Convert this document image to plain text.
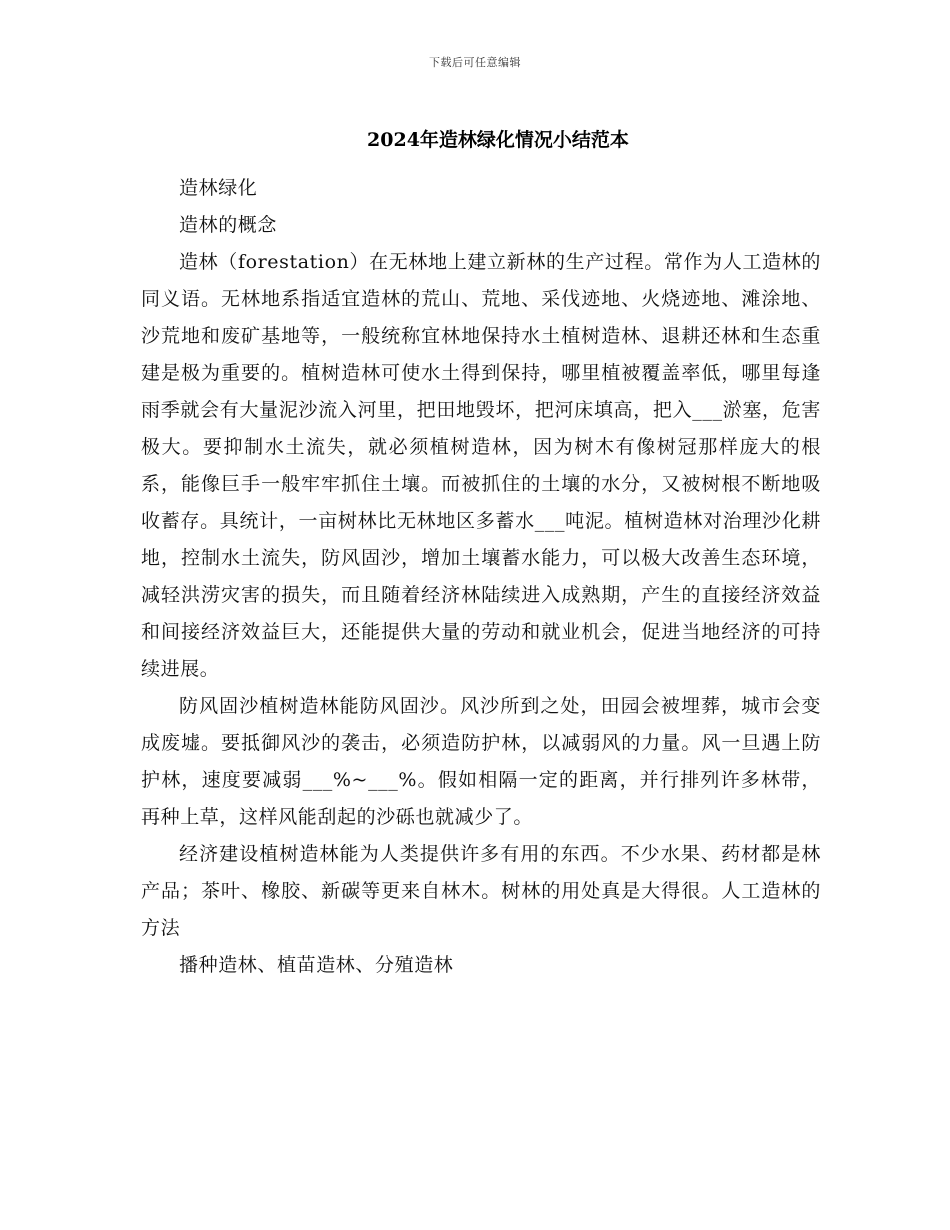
下载后可任意编辑
2024年造林绿化情况小结范本

造林绿化

造林的概念

造林（forestation）在无林地上建立新林的生产过程。常作为人工造林的同义语。无林地系指适宜造林的荒山、荒地、采伐迹地、火烧迹地、滩涂地、沙荒地和废矿基地等，一般统称宜林地保持水土植树造林、退耕还林和生态重建是极为重要的。植树造林可使水土得到保持，哪里植被覆盖率低，哪里每逢雨季就会有大量泥沙流入河里，把田地毁坏，把河床填高，把入___淤塞，危害极大。要抑制水土流失，就必须植树造林，因为树木有像树冠那样庞大的根系，能像巨手一般牢牢抓住土壤。而被抓住的土壤的水分，又被树根不断地吸收蓄存。具统计，一亩树林比无林地区多蓄水___吨泥。植树造林对治理沙化耕地，控制水土流失，防风固沙，增加土壤蓄水能力，可以极大改善生态环境，减轻洪涝灾害的损失，而且随着经济林陆续进入成熟期，产生的直接经济效益和间接经济效益巨大，还能提供大量的劳动和就业机会，促进当地经济的可持续进展。

防风固沙植树造林能防风固沙。风沙所到之处，田园会被埋葬，城市会变成废墟。要抵御风沙的袭击，必须造防护林，以减弱风的力量。风一旦遇上防护林，速度要减弱___%~___%。假如相隔一定的距离，并行排列许多林带，再种上草，这样风能刮起的沙砾也就减少了。

经济建设植树造林能为人类提供许多有用的东西。不少水果、药材都是林产品；茶叶、橡胶、新碳等更来自林木。树林的用处真是大得很。人工造林的方法

播种造林、植苗造林、分殖造林
